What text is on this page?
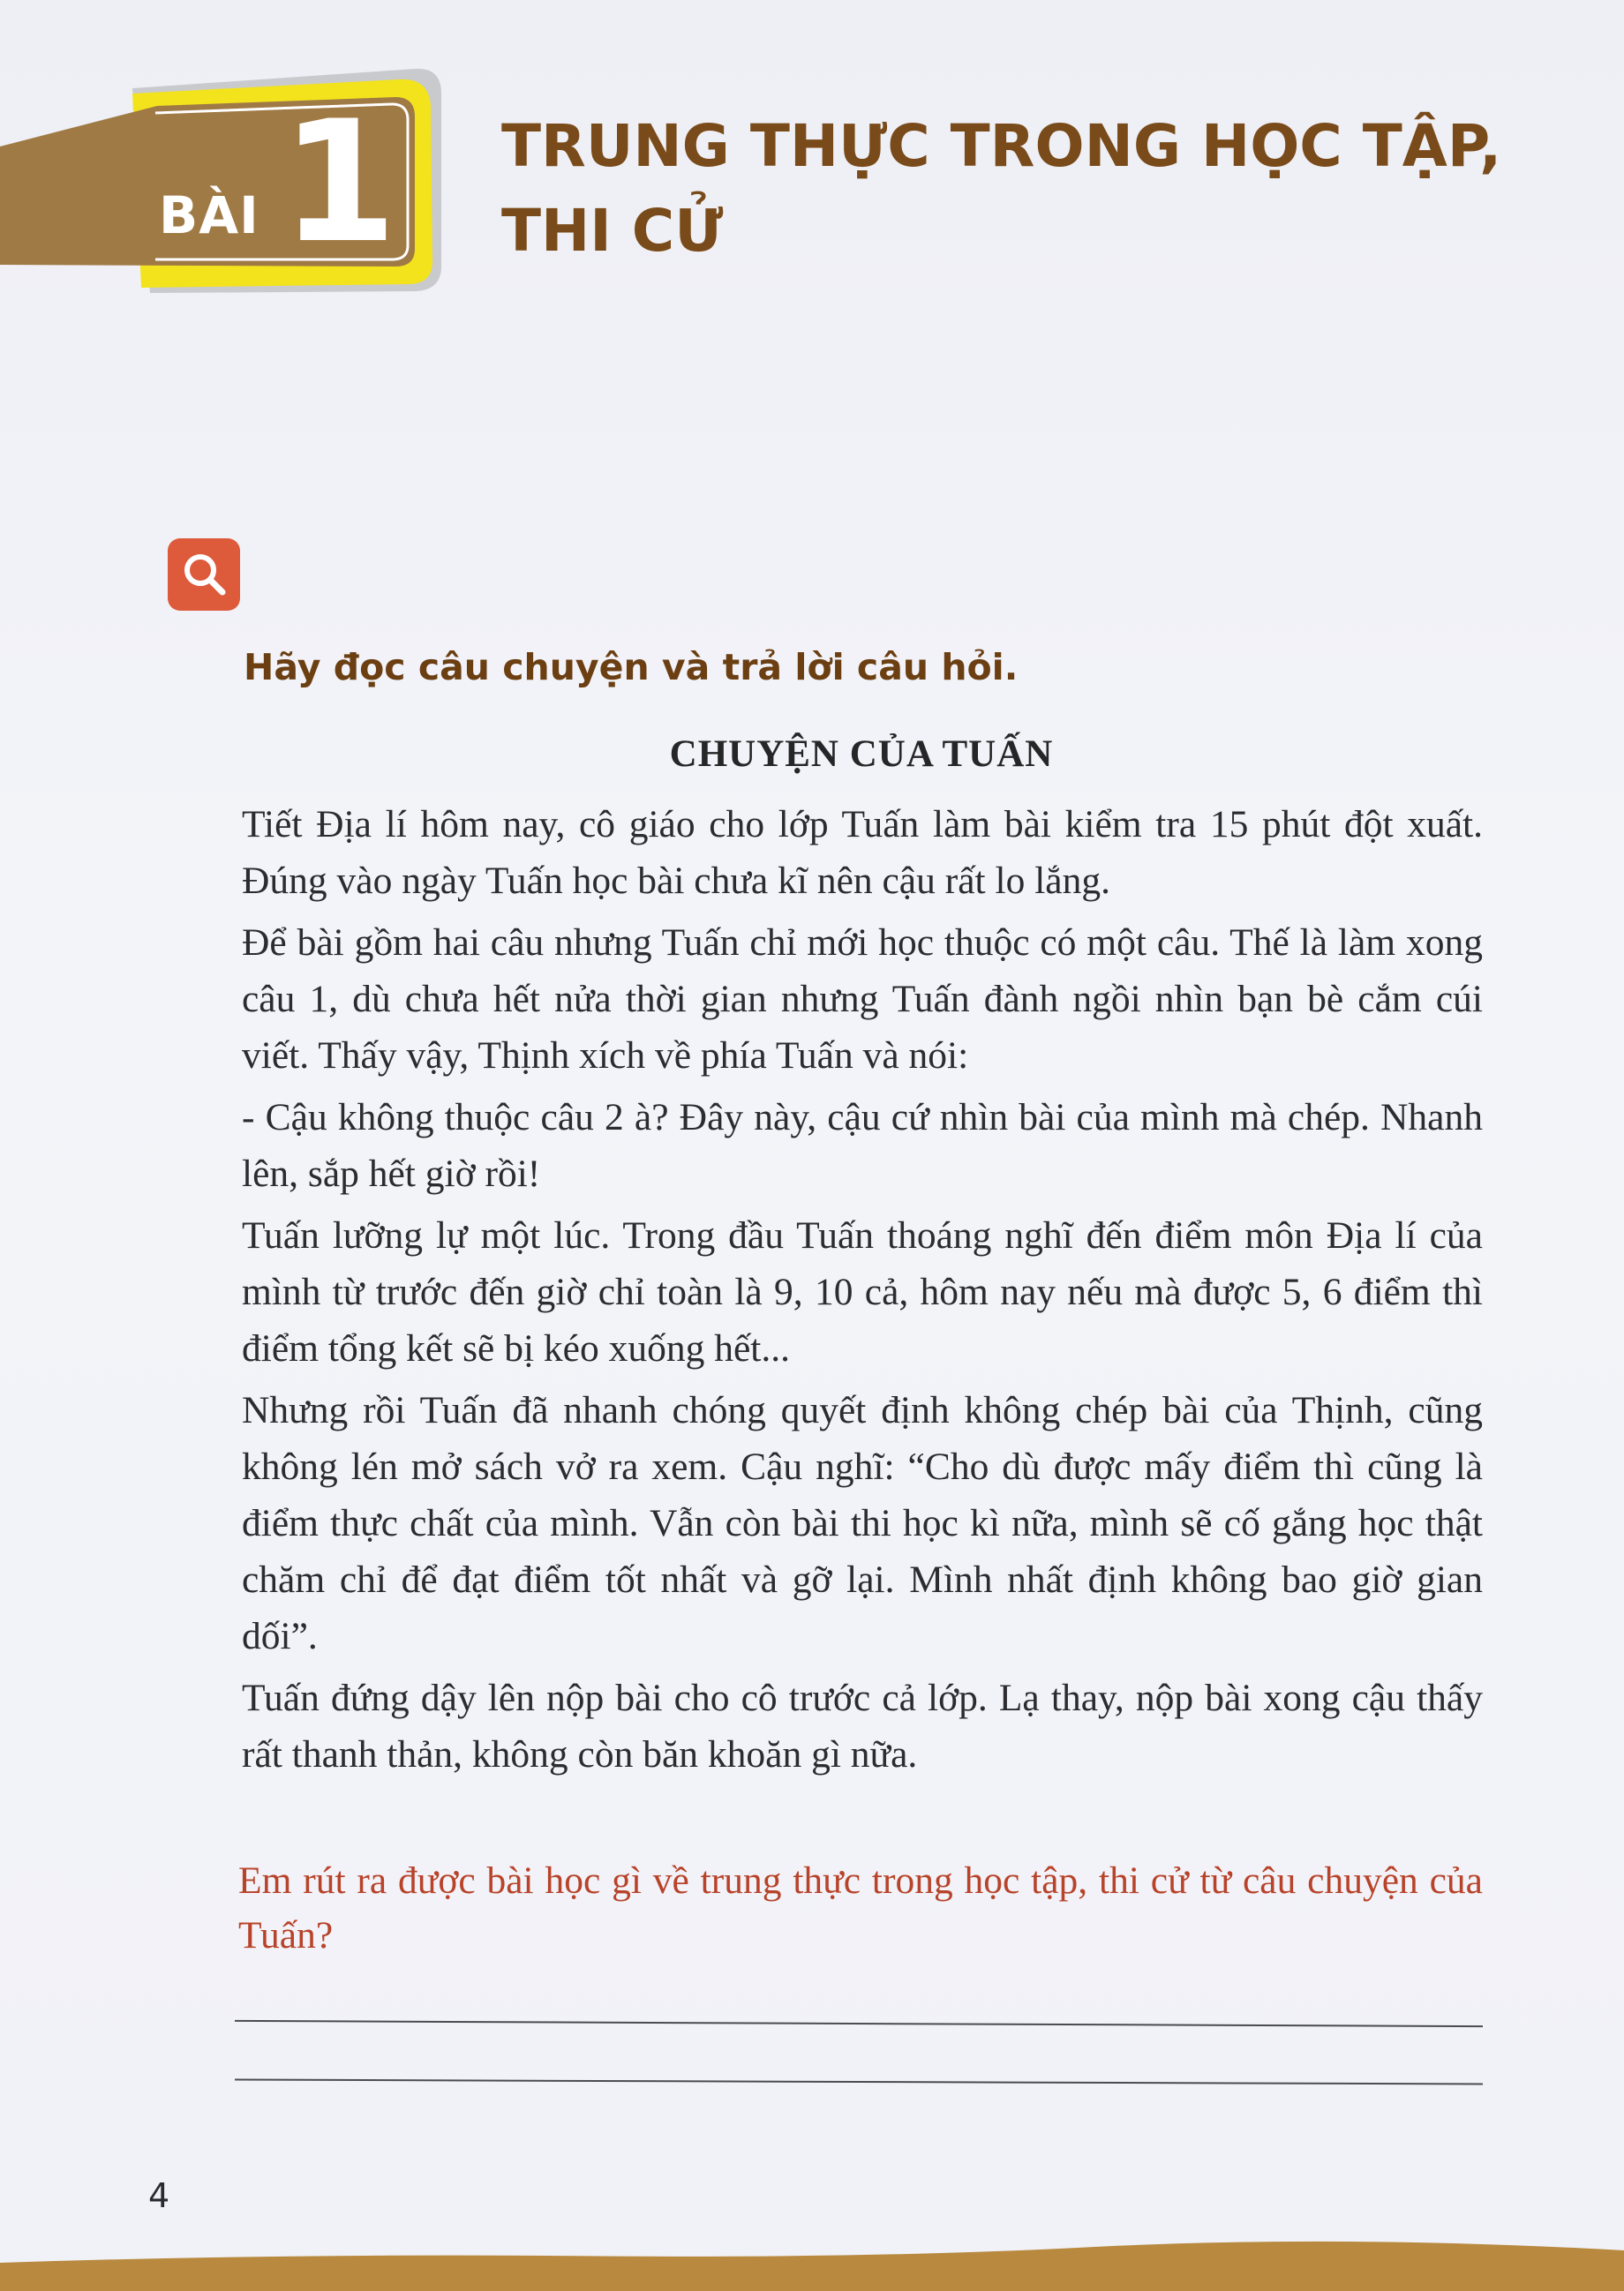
BÀI 1 TRUNG THỰC TRONG HỌC TẬP,
THI CỬ

Hãy đọc câu chuyện và trả lời câu hỏi.

CHUYỆN CỦA TUẤN

Tiết Địa lí hôm nay, cô giáo cho lớp Tuấn làm bài kiểm tra 15 phút đột xuất. Đúng vào ngày Tuấn học bài chưa kĩ nên cậu rất lo lắng.

Để bài gồm hai câu nhưng Tuấn chỉ mới học thuộc có một câu. Thế là làm xong câu 1, dù chưa hết nửa thời gian nhưng Tuấn đành ngồi nhìn bạn bè cắm cúi viết. Thấy vậy, Thịnh xích về phía Tuấn và nói:

- Cậu không thuộc câu 2 à? Đây này, cậu cứ nhìn bài của mình mà chép. Nhanh lên, sắp hết giờ rồi!

Tuấn lưỡng lự một lúc. Trong đầu Tuấn thoáng nghĩ đến điểm môn Địa lí của mình từ trước đến giờ chỉ toàn là 9, 10 cả, hôm nay nếu mà được 5, 6 điểm thì điểm tổng kết sẽ bị kéo xuống hết...

Nhưng rồi Tuấn đã nhanh chóng quyết định không chép bài của Thịnh, cũng không lén mở sách vở ra xem. Cậu nghĩ: “Cho dù được mấy điểm thì cũng là điểm thực chất của mình. Vẫn còn bài thi học kì nữa, mình sẽ cố gắng học thật chăm chỉ để đạt điểm tốt nhất và gỡ lại. Mình nhất định không bao giờ gian dối”.

Tuấn đứng dậy lên nộp bài cho cô trước cả lớp. Lạ thay, nộp bài xong cậu thấy rất thanh thản, không còn băn khoăn gì nữa.

Em rút ra được bài học gì về trung thực trong học tập, thi cử từ câu chuyện của Tuấn?

4
